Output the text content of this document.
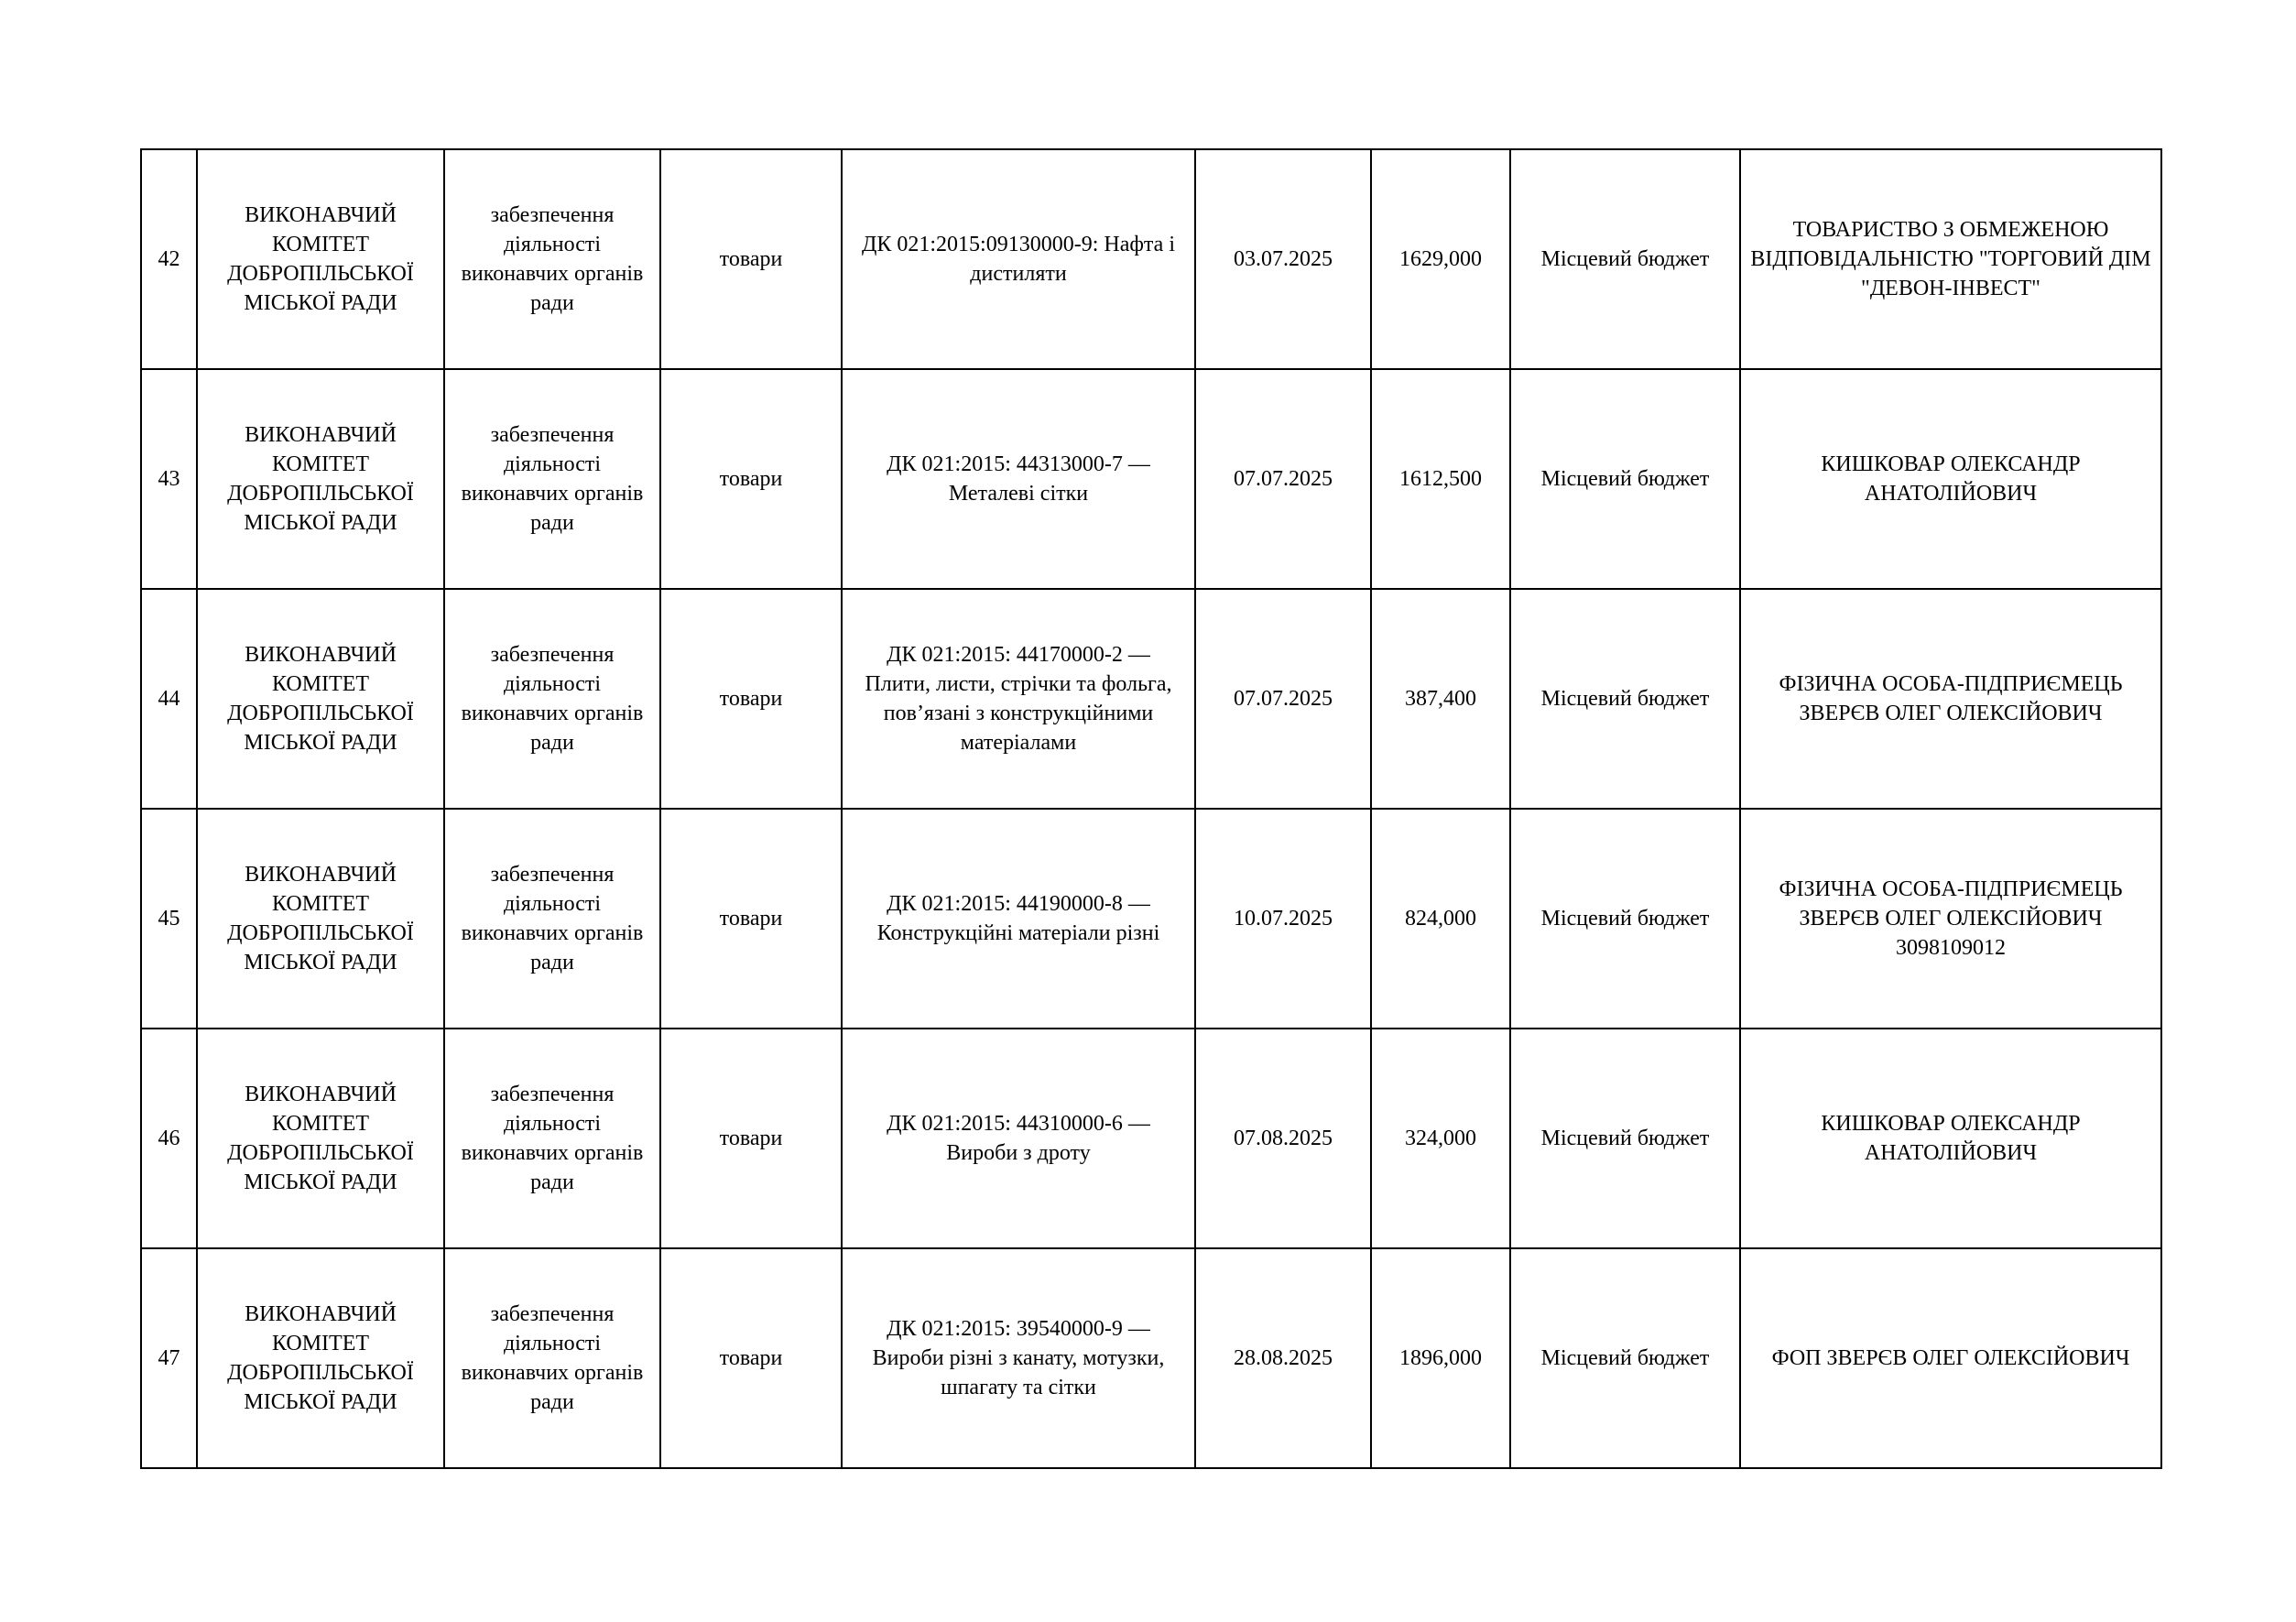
42	ВИКОНАВЧИЙ КОМІТЕТ ДОБРОПІЛЬСЬКОЇ МІСЬКОЇ РАДИ	забезпечення діяльності виконавчих органів ради	товари	ДК 021:2015:09130000-9: Нафта і дистиляти	03.07.2025	1629,000	Місцевий бюджет	ТОВАРИСТВО З ОБМЕЖЕНОЮ ВІДПОВІДАЛЬНІСТЮ "ТОРГОВИЙ ДІМ "ДЕВОН-ІНВЕСТ"
43	ВИКОНАВЧИЙ КОМІТЕТ ДОБРОПІЛЬСЬКОЇ МІСЬКОЇ РАДИ	забезпечення діяльності виконавчих органів ради	товари	ДК 021:2015: 44313000-7 — Металеві сітки	07.07.2025	1612,500	Місцевий бюджет	КИШКОВАР ОЛЕКСАНДР АНАТОЛІЙОВИЧ
44	ВИКОНАВЧИЙ КОМІТЕТ ДОБРОПІЛЬСЬКОЇ МІСЬКОЇ РАДИ	забезпечення діяльності виконавчих органів ради	товари	ДК 021:2015: 44170000-2 — Плити, листи, стрічки та фольга, пов’язані з конструкційними матеріалами	07.07.2025	387,400	Місцевий бюджет	ФІЗИЧНА ОСОБА-ПІДПРИЄМЕЦЬ ЗВЕРЄВ ОЛЕГ ОЛЕКСІЙОВИЧ
45	ВИКОНАВЧИЙ КОМІТЕТ ДОБРОПІЛЬСЬКОЇ МІСЬКОЇ РАДИ	забезпечення діяльності виконавчих органів ради	товари	ДК 021:2015: 44190000-8 — Конструкційні матеріали різні	10.07.2025	824,000	Місцевий бюджет	ФІЗИЧНА ОСОБА-ПІДПРИЄМЕЦЬ ЗВЕРЄВ ОЛЕГ ОЛЕКСІЙОВИЧ 3098109012
46	ВИКОНАВЧИЙ КОМІТЕТ ДОБРОПІЛЬСЬКОЇ МІСЬКОЇ РАДИ	забезпечення діяльності виконавчих органів ради	товари	ДК 021:2015: 44310000-6 — Вироби з дроту	07.08.2025	324,000	Місцевий бюджет	КИШКОВАР ОЛЕКСАНДР АНАТОЛІЙОВИЧ
47	ВИКОНАВЧИЙ КОМІТЕТ ДОБРОПІЛЬСЬКОЇ МІСЬКОЇ РАДИ	забезпечення діяльності виконавчих органів ради	товари	ДК 021:2015: 39540000-9 — Вироби різні з канату, мотузки, шпагату та сітки	28.08.2025	1896,000	Місцевий бюджет	ФОП ЗВЕРЄВ ОЛЕГ ОЛЕКСІЙОВИЧ
